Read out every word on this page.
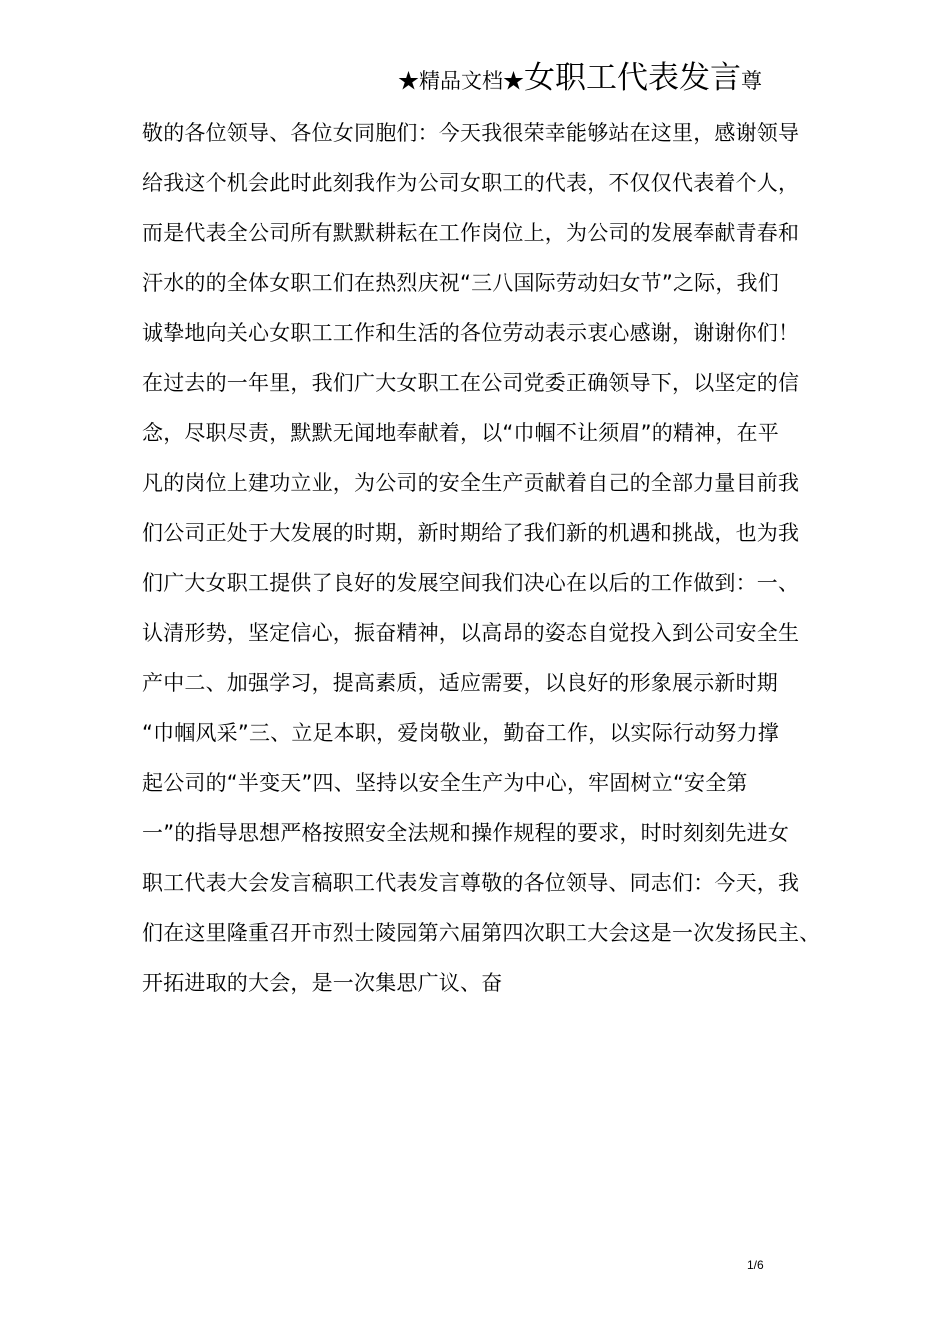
★精品文档★女职工代表发言尊
敬的各位领导、各位女同胞们：今天我很荣幸能够站在这里，感谢领导
给我这个机会此时此刻我作为公司女职工的代表，不仅仅代表着个人，
而是代表全公司所有默默耕耘在工作岗位上，为公司的发展奉献青春和
汗水的的全体女职工们在热烈庆祝“三八国际劳动妇女节”之际，我们
诚挚地向关心女职工工作和生活的各位劳动表示衷心感谢，谢谢你们！
在过去的一年里，我们广大女职工在公司党委正确领导下，以坚定的信
念，尽职尽责，默默无闻地奉献着，以“巾帼不让须眉”的精神，在平
凡的岗位上建功立业，为公司的安全生产贡献着自己的全部力量目前我
们公司正处于大发展的时期，新时期给了我们新的机遇和挑战，也为我
们广大女职工提供了良好的发展空间我们决心在以后的工作做到：一、
认清形势，坚定信心，振奋精神，以高昂的姿态自觉投入到公司安全生
产中二、加强学习，提高素质，适应需要，以良好的形象展示新时期
“巾帼风采”三、立足本职，爱岗敬业，勤奋工作，以实际行动努力撑
起公司的“半变天”四、坚持以安全生产为中心，牢固树立“安全第
一”的指导思想严格按照安全法规和操作规程的要求，时时刻刻先进女
职工代表大会发言稿职工代表发言尊敬的各位领导、同志们：今天，我
们在这里隆重召开市烈士陵园第六届第四次职工大会这是一次发扬民主、
开拓进取的大会，是一次集思广议、奋
1/6
